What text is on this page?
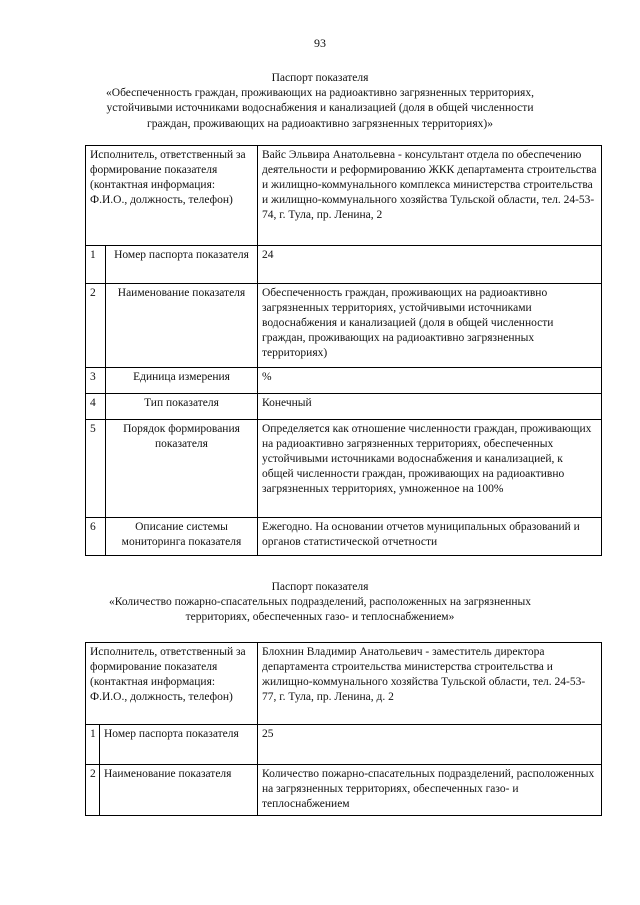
93
Паспорт показателя
«Обеспеченность граждан, проживающих на радиоактивно загрязненных территориях,
устойчивыми источниками водоснабжения и канализацией (доля в общей численности
граждан, проживающих на радиоактивно загрязненных территориях)»
Исполнитель, ответственный за формирование показателя (контактная информация: Ф.И.О., должность, телефон)		Вайс Эльвира Анатольевна - консультант отдела по обеспечению деятельности и реформированию ЖКК департамента строительства и жилищно-коммунального комплекса министерства строительства и жилищно-коммунального хозяйства Тульской области, тел. 24-53-74, г. Тула, пр. Ленина, 2
1	Номер паспорта показателя	24
2	Наименование показателя	Обеспеченность граждан, проживающих на радиоактивно загрязненных территориях, устойчивыми источниками водоснабжения и канализацией (доля в общей численности граждан, проживающих на радиоактивно загрязненных территориях)
3	Единица измерения	%
4	Тип показателя	Конечный
5	Порядок формирования показателя	Определяется как отношение численности граждан, проживающих на радиоактивно загрязненных территориях, обеспеченных устойчивыми источниками водоснабжения и канализацией, к общей численности граждан, проживающих на радиоактивно загрязненных территориях, умноженное на 100%
6	Описание системы мониторинга показателя	Ежегодно. На основании отчетов муниципальных образований и органов статистической отчетности
Паспорт показателя
«Количество пожарно-спасательных подразделений, расположенных на загрязненных
территориях, обеспеченных газо- и теплоснабжением»
Исполнитель, ответственный за формирование показателя (контактная информация: Ф.И.О., должность, телефон)		Блохнин Владимир Анатольевич - заместитель директора департамента строительства министерства строительства и жилищно-коммунального хозяйства Тульской области, тел. 24-53-77, г. Тула, пр. Ленина, д. 2
1	Номер паспорта показателя	25
2	Наименование показателя	Количество пожарно-спасательных подразделений, расположенных на загрязненных территориях, обеспеченных газо- и теплоснабжением
